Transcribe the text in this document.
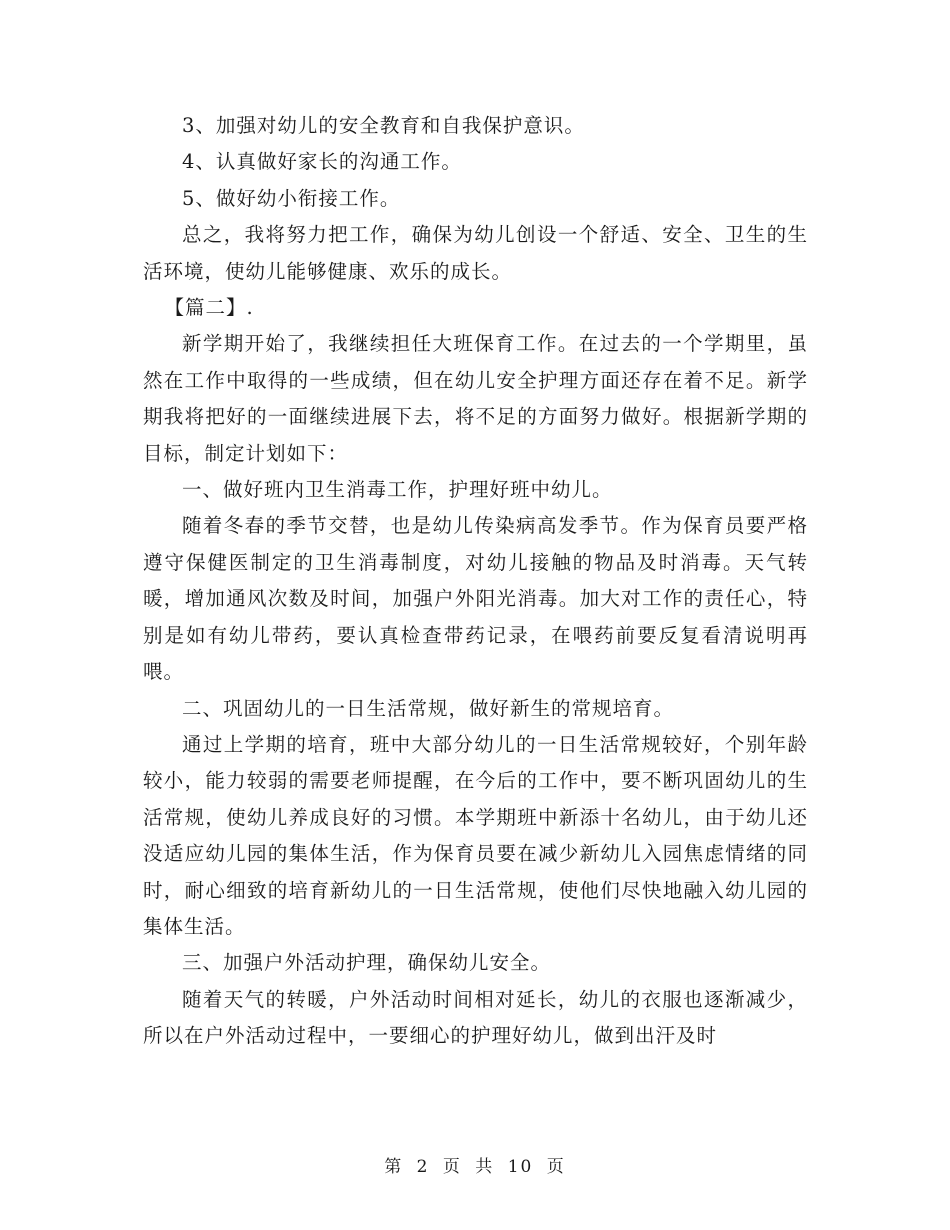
3、加强对幼儿的安全教育和自我保护意识。

4、认真做好家长的沟通工作。

5、做好幼小衔接工作。

总之，我将努力把工作，确保为幼儿创设一个舒适、安全、卫生的生活环境，使幼儿能够健康、欢乐的成长。

【篇二】.

新学期开始了，我继续担任大班保育工作。在过去的一个学期里，虽然在工作中取得的一些成绩，但在幼儿安全护理方面还存在着不足。新学期我将把好的一面继续进展下去，将不足的方面努力做好。根据新学期的目标，制定计划如下：

一、做好班内卫生消毒工作，护理好班中幼儿。

随着冬春的季节交替，也是幼儿传染病高发季节。作为保育员要严格遵守保健医制定的卫生消毒制度，对幼儿接触的物品及时消毒。天气转暖，增加通风次数及时间，加强户外阳光消毒。加大对工作的责任心，特别是如有幼儿带药，要认真检查带药记录，在喂药前要反复看清说明再喂。

二、巩固幼儿的一日生活常规，做好新生的常规培育。

通过上学期的培育，班中大部分幼儿的一日生活常规较好，个别年龄较小，能力较弱的需要老师提醒，在今后的工作中，要不断巩固幼儿的生活常规，使幼儿养成良好的习惯。本学期班中新添十名幼儿，由于幼儿还没适应幼儿园的集体生活，作为保育员要在减少新幼儿入园焦虑情绪的同时，耐心细致的培育新幼儿的一日生活常规，使他们尽快地融入幼儿园的集体生活。

三、加强户外活动护理，确保幼儿安全。

随着天气的转暖，户外活动时间相对延长，幼儿的衣服也逐渐减少，所以在户外活动过程中，一要细心的护理好幼儿，做到出汗及时

第 2 页 共 10 页
